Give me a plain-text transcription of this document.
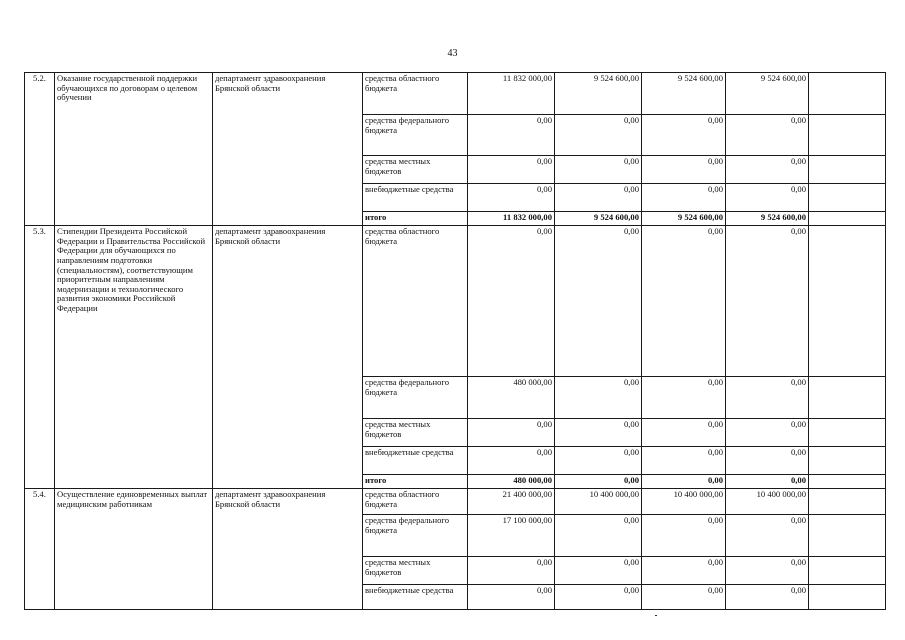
43
5.2.	Оказание государственной поддержки обучающихся по договорам о целевом обучении	департамент здравоохранения Брянской области	средства областного бюджета	11 832 000,00	9 524 600,00	9 524 600,00	9 524 600,00	
			средства федерального бюджета	0,00	0,00	0,00	0,00	
			средства местных бюджетов	0,00	0,00	0,00	0,00	
			внебюджетные средства	0,00	0,00	0,00	0,00	
			итого	11 832 000,00	9 524 600,00	9 524 600,00	9 524 600,00	
5.3.	Стипендии Президента Российской Федерации и Правительства Российской Федерации для обучающихся по направлениям подготовки (специальностям), соответствующим приоритетным направлениям модернизации и технологического развития экономики Российской Федерации	департамент здравоохранения Брянской области	средства областного бюджета	0,00	0,00	0,00	0,00	
			средства федерального бюджета	480 000,00	0,00	0,00	0,00	
			средства местных бюджетов	0,00	0,00	0,00	0,00	
			внебюджетные средства	0,00	0,00	0,00	0,00	
			итого	480 000,00	0,00	0,00	0,00	
5.4.	Осуществление единовременных выплат медицинским работникам	департамент здравоохранения Брянской области	средства областного бюджета	21 400 000,00	10 400 000,00	10 400 000,00	10 400 000,00	
			средства федерального бюджета	17 100 000,00	0,00	0,00	0,00	
			средства местных бюджетов	0,00	0,00	0,00	0,00	
			внебюджетные средства	0,00	0,00	0,00	0,00	
